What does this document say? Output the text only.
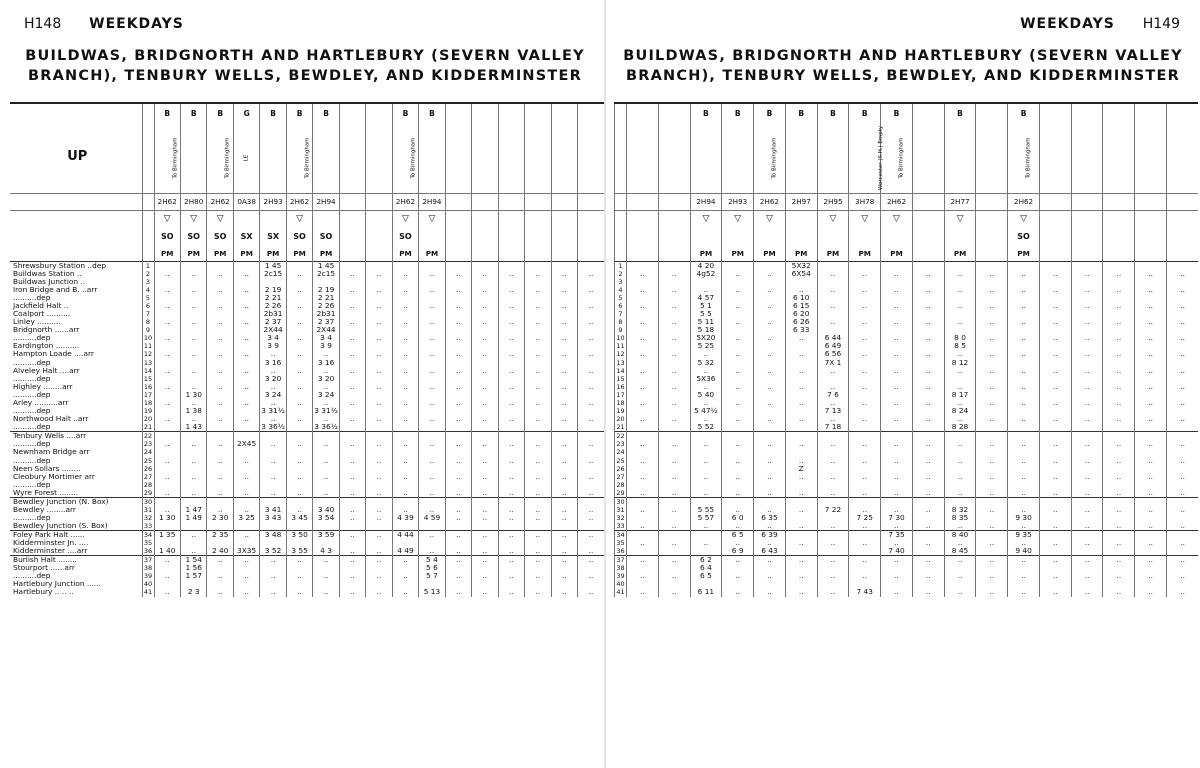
H148 WEEKDAYS
BUILDWAS, BRIDGNORTH AND HARTLEBURY (SEVERN VALLEY
BRANCH), TENBURY WELLS, BEWDLEY, AND KIDDERMINSTER
		B	B	B	G	B	B	B			B	B						
UP		To Birmingham		To Birmingham	LE		To Birmingham				To Birmingham							
		2H62	2H80	2H62	0A38	2H93	2H62	2H94			2H62	2H94						
		▽	▽	▽			▽				▽	▽						
		SO	SO	SO	SX	SX	SO	SO			SO							
		PM	PM	PM	PM	PM	PM	PM			PM	PM						
Shrewsbury Station ..dep	1					1 45		1 45										
Buildwas Station ..	2	..	..	..	..	2c15	..	2c15	..	..	..	..	..	..	..	..	..	..
Buildwas Junction ..	3																	
Iron Bridge and B. ..arr	4	..	..	..	..	2 19	..	2 19	..	..	..	..	..	..	..	..	..	..
..........dep	5					2 21		2 21										
Jackfield Halt ..	6	..	..	..	..	2 26	..	2 26	..	..	..	..	..	..	..	..	..	..
Coalport ..........	7					2b31		2b31										
Linley ..........	8	..	..	..	..	2 37	..	2 37	..	..	..	..	..	..	..	..	..	..
Bridgnorth ......arr	9					2X44		2X44										
..........dep	10	..	..	..	..	3 4	..	3 4	..	..	..	..	..	..	..	..	..	..
Eardington ..........	11					3 9		3 9										
Hampton Loade ....arr	12	..	..	..	..	..	..	..	..	..	..	..	..	..	..	..	..	..
..........dep	13					3 16		3 16										
Alveley Halt ....arr	14	..	..	..	..	..	..	..	..	..	..	..	..	..	..	..	..	..
..........dep	15					3 20		3 20										
Highley ........arr	16	..	..	..	..	..	..	..	..	..	..	..	..	..	..	..	..	..
..........dep	17		1 30			3 24		3 24										
Arley ..........arr	18	..	..	..	..	..	..	..	..	..	..	..	..	..	..	..	..	..
..........dep	19		1 38			3 31½		3 31½										
Northwood Halt ..arr	20	..	..	..	..	..	..	..	..	..	..	..	..	..	..	..	..	..
..........dep	21		1 43			3 36½		3 36½										
Tenbury Wells ....arr	22																	
..........dep	23	..	..	..	2X45	..	..	..	..	..	..	..	..	..	..	..	..	..
Newnham Bridge arr	24																	
..........dep	25	..	..	..	..	..	..	..	..	..	..	..	..	..	..	..	..	..
Neen Sollars ........	26																	
Cleobury Mortimer arr	27	..	..	..	..	..	..	..	..	..	..	..	..	..	..	..	..	..
..........dep	28																	
Wyre Forest ........	29	..	..	..	..	..	..	..	..	..	..	..	..	..	..	..	..	..
Bewdley Junction (N. Box)	30																	
Bewdley ........arr	31	..	1 47	..	..	3 41	..	3 40	..	..	..	..	..	..	..	..	..	..
..........dep	32	1 30	1 49	2 30	3 25	3 43	3 45	3 54	..	..	4 39	4 59	..	..	..	..	..	..
Bewdley Junction (S. Box)	33																	
Foley Park Halt ......	34	1 35	..	2 35	..	3 48	3 50	3 59	..	..	4 44	..	..	..	..	..	..	..
Kidderminster Jn. ....	35																	
Kidderminster ....arr	36	1 40	..	2 40	3X35	3 52	3 55	4 3	..	..	4 49	..	..	..	..	..	..	..
Burlish Halt ........	37	..	1 54	..	..	..	..	..	..	..	..	5 4	..	..	..	..	..	..
Stourport ......arr	38		1 56									5 6						
..........dep	39	..	1 57	..	..	..	..	..	..	..	..	5 7	..	..	..	..	..	..
Hartlebury Junction ......	40																	
Hartlebury .. .. ..	41	..	2 3	..	..	..	..	..	..	..	..	5 13	..	..	..	..	..	..
WEEKDAYS H149
BUILDWAS, BRIDGNORTH AND HARTLEBURY (SEVERN VALLEY
BRANCH), TENBURY WELLS, BEWDLEY, AND KIDDERMINSTER
			B	B	B	B	B	B	B		B		B					
					To Birmingham			Worcester (S.H.) Empty	To Birmingham				To Birmingham					
			2H94	2H93	2H62	2H97	2H95	3H78	2H62		2H77		2H62					
			▽	▽	▽		▽	▽	▽		▽		▽					
													SO					
			PM	PM	PM	PM	PM	PM	PM		PM		PM					
1			4 20			5X32												
2	..	..	4g52	..	..	6X54	..	..	..	..	..	..	..	..	..	..	..	..
3																		
4	..	..	..	..	..	..	..	..	..	..	..	..	..	..	..	..	..	..
5			4 57			6 10												
6	..	..	5 1	..	..	6 15	..	..	..	..	..	..	..	..	..	..	..	..
7			5 5			6 20												
8	..	..	5 11	..	..	6 26	..	..	..	..	..	..	..	..	..	..	..	..
9			5 18			6 33												
10	..	..	5X20	..	..	..	6 44	..	..	..	8 0	..	..	..	..	..	..	..
11			5 25				6 49				8 5							
12	..	..	..	..	..	..	6 56	..	..	..	..	..	..	..	..	..	..	..
13			5 32				7X 1				8 12							
14	..	..	..	..	..	..	..	..	..	..	..	..	..	..	..	..	..	..
15			5X36															
16	..	..	..	..	..	..	..	..	..	..	..	..	..	..	..	..	..	..
17			5 40				7 6				8 17							
18	..	..	..	..	..	..	..	..	..	..	..	..	..	..	..	..	..	..
19			5 47½				7 13				8 24							
20	..	..	..	..	..	..	..	..	..	..	..	..	..	..	..	..	..	..
21			5 52				7 18				8 28							
22																		
23	..	..	..	..	..	..	..	..	..	..	..	..	..	..	..	..	..	..
24																		
25	..	..	..	..	..	..	..	..	..	..	..	..	..	..	..	..	..	..
26						Z												
27	..	..	..	..	..	..	..	..	..	..	..	..	..	..	..	..	..	..
28																		
29	..	..	..	..	..	..	..	..	..	..	..	..	..	..	..	..	..	..
30																		
31	..	..	5 55	..	..	..	7 22	..	..	..	8 32	..	..	..	..	..	..	..
32			5 57	6 0	6 35			7 25	7 30		8 35		9 30					
33	..	..	..	..	..	..	..	..	..	..	..	..	..	..	..	..	..	..
34				6 5	6 39				7 35		8 40		9 35					
35	..	..	..	..	..	..	..	..	..	..	..	..	..	..	..	..	..	..
36				6 9	6 43				7 40		8 45		9 40					
37	..	..	6 2	..	..	..	..	..	..	..	..	..	..	..	..	..	..	..
38			6 4															
39	..	..	6 5	..	..	..	..	..	..	..	..	..	..	..	..	..	..	..
40																		
41	..	..	6 11	..	..	..	..	7 43	..	..	..	..	..	..	..	..	..	..
